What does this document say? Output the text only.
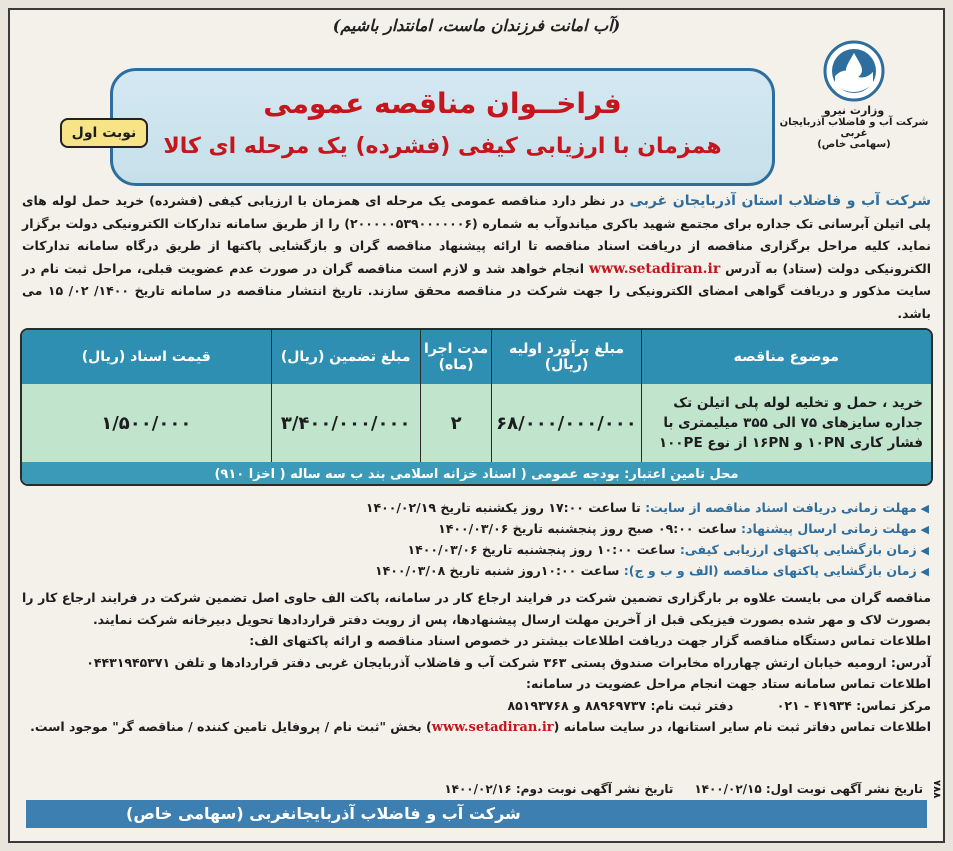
(آب امانت فرزندان ماست، امانتدار باشیم)
وزارت نیرو
شرکت آب و فاضلاب آذربایجان غربی
(سهامی خاص)
فراخــوان مناقصه عمومی
همزمان با ارزیابی کیفی (فشرده) یک مرحله ای کالا
نوبت اول
شرکت آب و فاضلاب استان آذربایجان غربی در نظر دارد مناقصه عمومی یک مرحله ای همزمان با ارزیابی کیفی (فشرده) خرید حمل لوله های پلی اتیلن آبرسانی تک جداره برای مجتمع شهید باکری میاندوآب به شماره (۲۰۰۰۰۰۵۳۹۰۰۰۰۰۰۶) را از طریق سامانه تدارکات الکترونیکی دولت برگزار نماید. کلیه مراحل برگزاری مناقصه از دریافت اسناد مناقصه تا ارائه پیشنهاد مناقصه گران و بازگشایی پاکتها از طریق درگاه سامانه تدارکات الکترونیکی دولت (ستاد) به آدرس www.setadiran.ir انجام خواهد شد و لازم است مناقصه گران در صورت عدم عضویت قبلی، مراحل ثبت نام در سایت مذکور و دریافت گواهی امضای الکترونیکی را جهت شرکت در مناقصه محقق سازند. تاریخ انتشار مناقصه در سامانه تاریخ ۱۴۰۰/ ۰۲/ ۱۵ می باشد.
موضوع مناقصه
مبلغ برآورد اولیه (ریال)
مدت اجرا (ماه)
مبلغ تضمین (ریال)
قیمت اسناد (ریال)
خرید ، حمل و تخلیه لوله پلی اتیلن تک جداره سایزهای ۷۵ الی ۳۵۵ میلیمتری با فشار کاری ۱۰PN و ۱۶PN از نوع ۱۰۰PE
۶۸/۰۰۰/۰۰۰/۰۰۰
۲
۳/۴۰۰/۰۰۰/۰۰۰
۱/۵۰۰/۰۰۰
محل تامین اعتبار: بودجه عمومی ( اسناد خزانه اسلامی بند ب سه ساله ( اخزا ۹۱۰)
◀ مهلت زمانی دریافت اسناد مناقصه از سایت: تا ساعت ۱۷:۰۰ روز یکشنبه تاریخ ۱۴۰۰/۰۲/۱۹
◀ مهلت زمانی ارسال پیشنهاد: ساعت ۰۹:۰۰ صبح روز پنجشنبه تاریخ ۱۴۰۰/۰۳/۰۶
◀ زمان بازگشایی پاکتهای ارزیابی کیفی: ساعت ۱۰:۰۰ روز پنجشنبه تاریخ ۱۴۰۰/۰۳/۰۶
◀ زمان بازگشایی پاکتهای مناقصه (الف و ب و ج): ساعت ۱۰:۰۰روز شنبه تاریخ ۱۴۰۰/۰۳/۰۸
مناقصه گران می بایست علاوه بر بارگزاری تضمین شرکت در فرایند ارجاع کار در سامانه، پاکت الف حاوی اصل تضمین شرکت در فرایند ارجاع کار را بصورت لاک و مهر شده بصورت فیزیکی قبل از آخرین مهلت ارسال پیشنهادها، پس از رویت دفتر قراردادها تحویل دبیرخانه شرکت نمایند.
اطلاعات تماس دستگاه مناقصه گزار جهت دریافت اطلاعات بیشتر در خصوص اسناد مناقصه و ارائه پاکتهای الف:
آدرس: ارومیه خیابان ارتش چهارراه مخابرات صندوق پستی ۳۶۳ شرکت آب و فاضلاب آذربایجان غربی دفتر قراردادها و تلفن ۰۴۴۳۱۹۴۵۳۷۱
اطلاعات تماس سامانه ستاد جهت انجام مراحل عضویت در سامانه:
مرکز تماس: ۴۱۹۳۴ - ۰۲۱          دفتر ثبت نام: ۸۸۹۶۹۷۳۷ و ۸۵۱۹۳۷۶۸
اطلاعات تماس دفاتر ثبت نام سایر استانها، در سایت سامانه (www.setadiran.ir) بخش "ثبت نام / پروفایل تامین کننده / مناقصه گر" موجود است.
تاریخ نشر آگهی نوبت اول: ۱۴۰۰/۰۲/۱۵     تاریخ نشر آگهی نوبت دوم: ۱۴۰۰/۰۲/۱۶
شرکت آب و فاضلاب آذربایجانغربی (سهامی خاص)
۷۸۸
